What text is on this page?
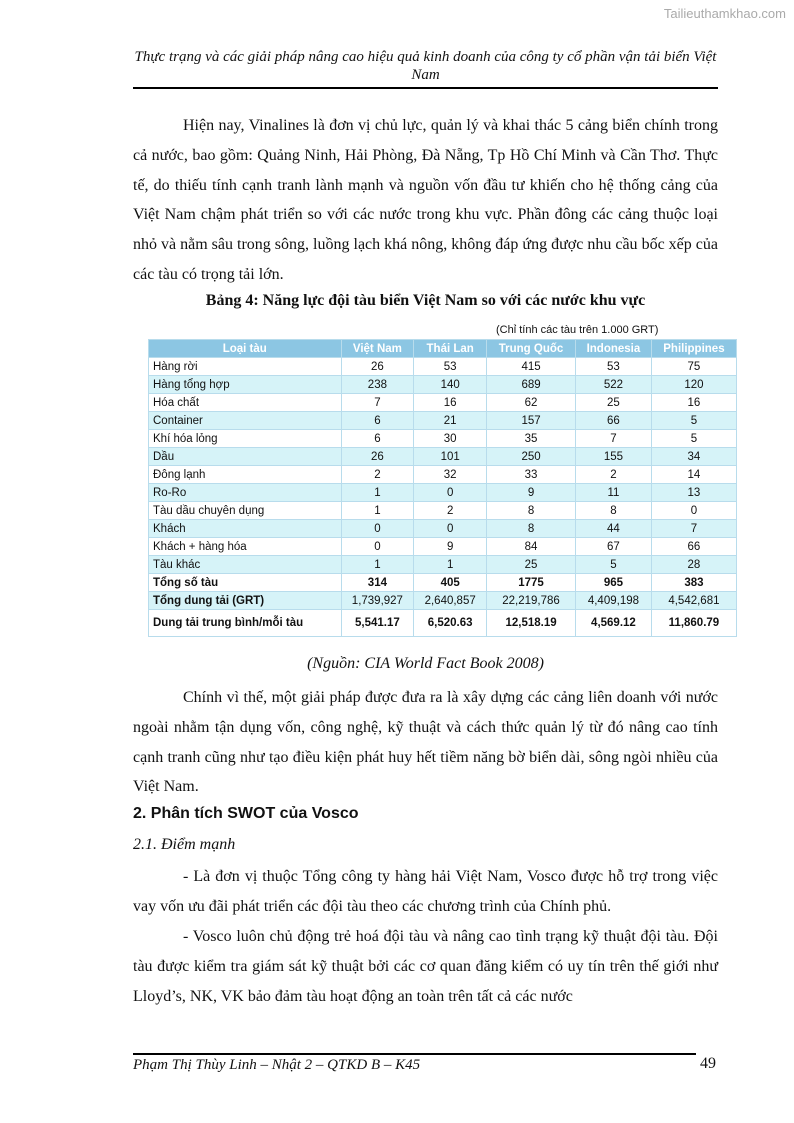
Tailieuthamkhao.com
Thực trạng và các giải pháp nâng cao hiệu quả kinh doanh của công ty cổ phần vận tải biển Việt Nam

Hiện nay, Vinalines là đơn vị chủ lực, quản lý và khai thác 5 cảng biển chính trong cả nước, bao gồm: Quảng Ninh, Hải Phòng, Đà Nẵng, Tp Hồ Chí Minh và Cần Thơ. Thực tế, do thiếu tính cạnh tranh lành mạnh và nguồn vốn đầu tư khiến cho hệ thống cảng của Việt Nam chậm phát triển so với các nước trong khu vực. Phần đông các cảng thuộc loại nhỏ và nằm sâu trong sông, luồng lạch khá nông, không đáp ứng được nhu cầu bốc xếp của các tàu có trọng tải lớn.

Bảng 4: Năng lực đội tàu biển Việt Nam so với các nước khu vực
(Chỉ tính các tàu trên 1.000 GRT)
Loại tàu	Việt Nam	Thái Lan	Trung Quốc	Indonesia	Philippines
Hàng rời	26	53	415	53	75
Hàng tổng hợp	238	140	689	522	120
Hóa chất	7	16	62	25	16
Container	6	21	157	66	5
Khí hóa lỏng	6	30	35	7	5
Dầu	26	101	250	155	34
Đông lạnh	2	32	33	2	14
Ro-Ro	1	0	9	11	13
Tàu dầu chuyên dụng	1	2	8	8	0
Khách	0	0	8	44	7
Khách + hàng hóa	0	9	84	67	66
Tàu khác	1	1	25	5	28
Tổng số tàu	314	405	1775	965	383
Tổng dung tải (GRT)	1,739,927	2,640,857	22,219,786	4,409,198	4,542,681
Dung tải trung bình/mỗi tàu	5,541.17	6,520.63	12,518.19	4,569.12	11,860.79
(Nguồn: CIA World Fact Book 2008)

Chính vì thế, một giải pháp được đưa ra là xây dựng các cảng liên doanh với nước ngoài nhằm tận dụng vốn, công nghệ, kỹ thuật và cách thức quản lý từ đó nâng cao tính cạnh tranh cũng như tạo điều kiện phát huy hết tiềm năng bờ biển dài, sông ngòi nhiều của Việt Nam.

2. Phân tích SWOT của Vosco
2.1. Điểm mạnh

- Là đơn vị thuộc Tổng công ty hàng hải Việt Nam, Vosco được hỗ trợ trong việc vay vốn ưu đãi phát triển các đội tàu theo các chương trình của Chính phủ.

- Vosco luôn chủ động trẻ hoá đội tàu và nâng cao tình trạng kỹ thuật đội tàu. Đội tàu được kiểm tra giám sát kỹ thuật bởi các cơ quan đăng kiểm có uy tín trên thế giới như Lloyd’s, NK, VK bảo đảm tàu hoạt động an toàn trên tất cả các nước

Phạm Thị Thùy Linh – Nhật 2 – QTKD B – K45	49
